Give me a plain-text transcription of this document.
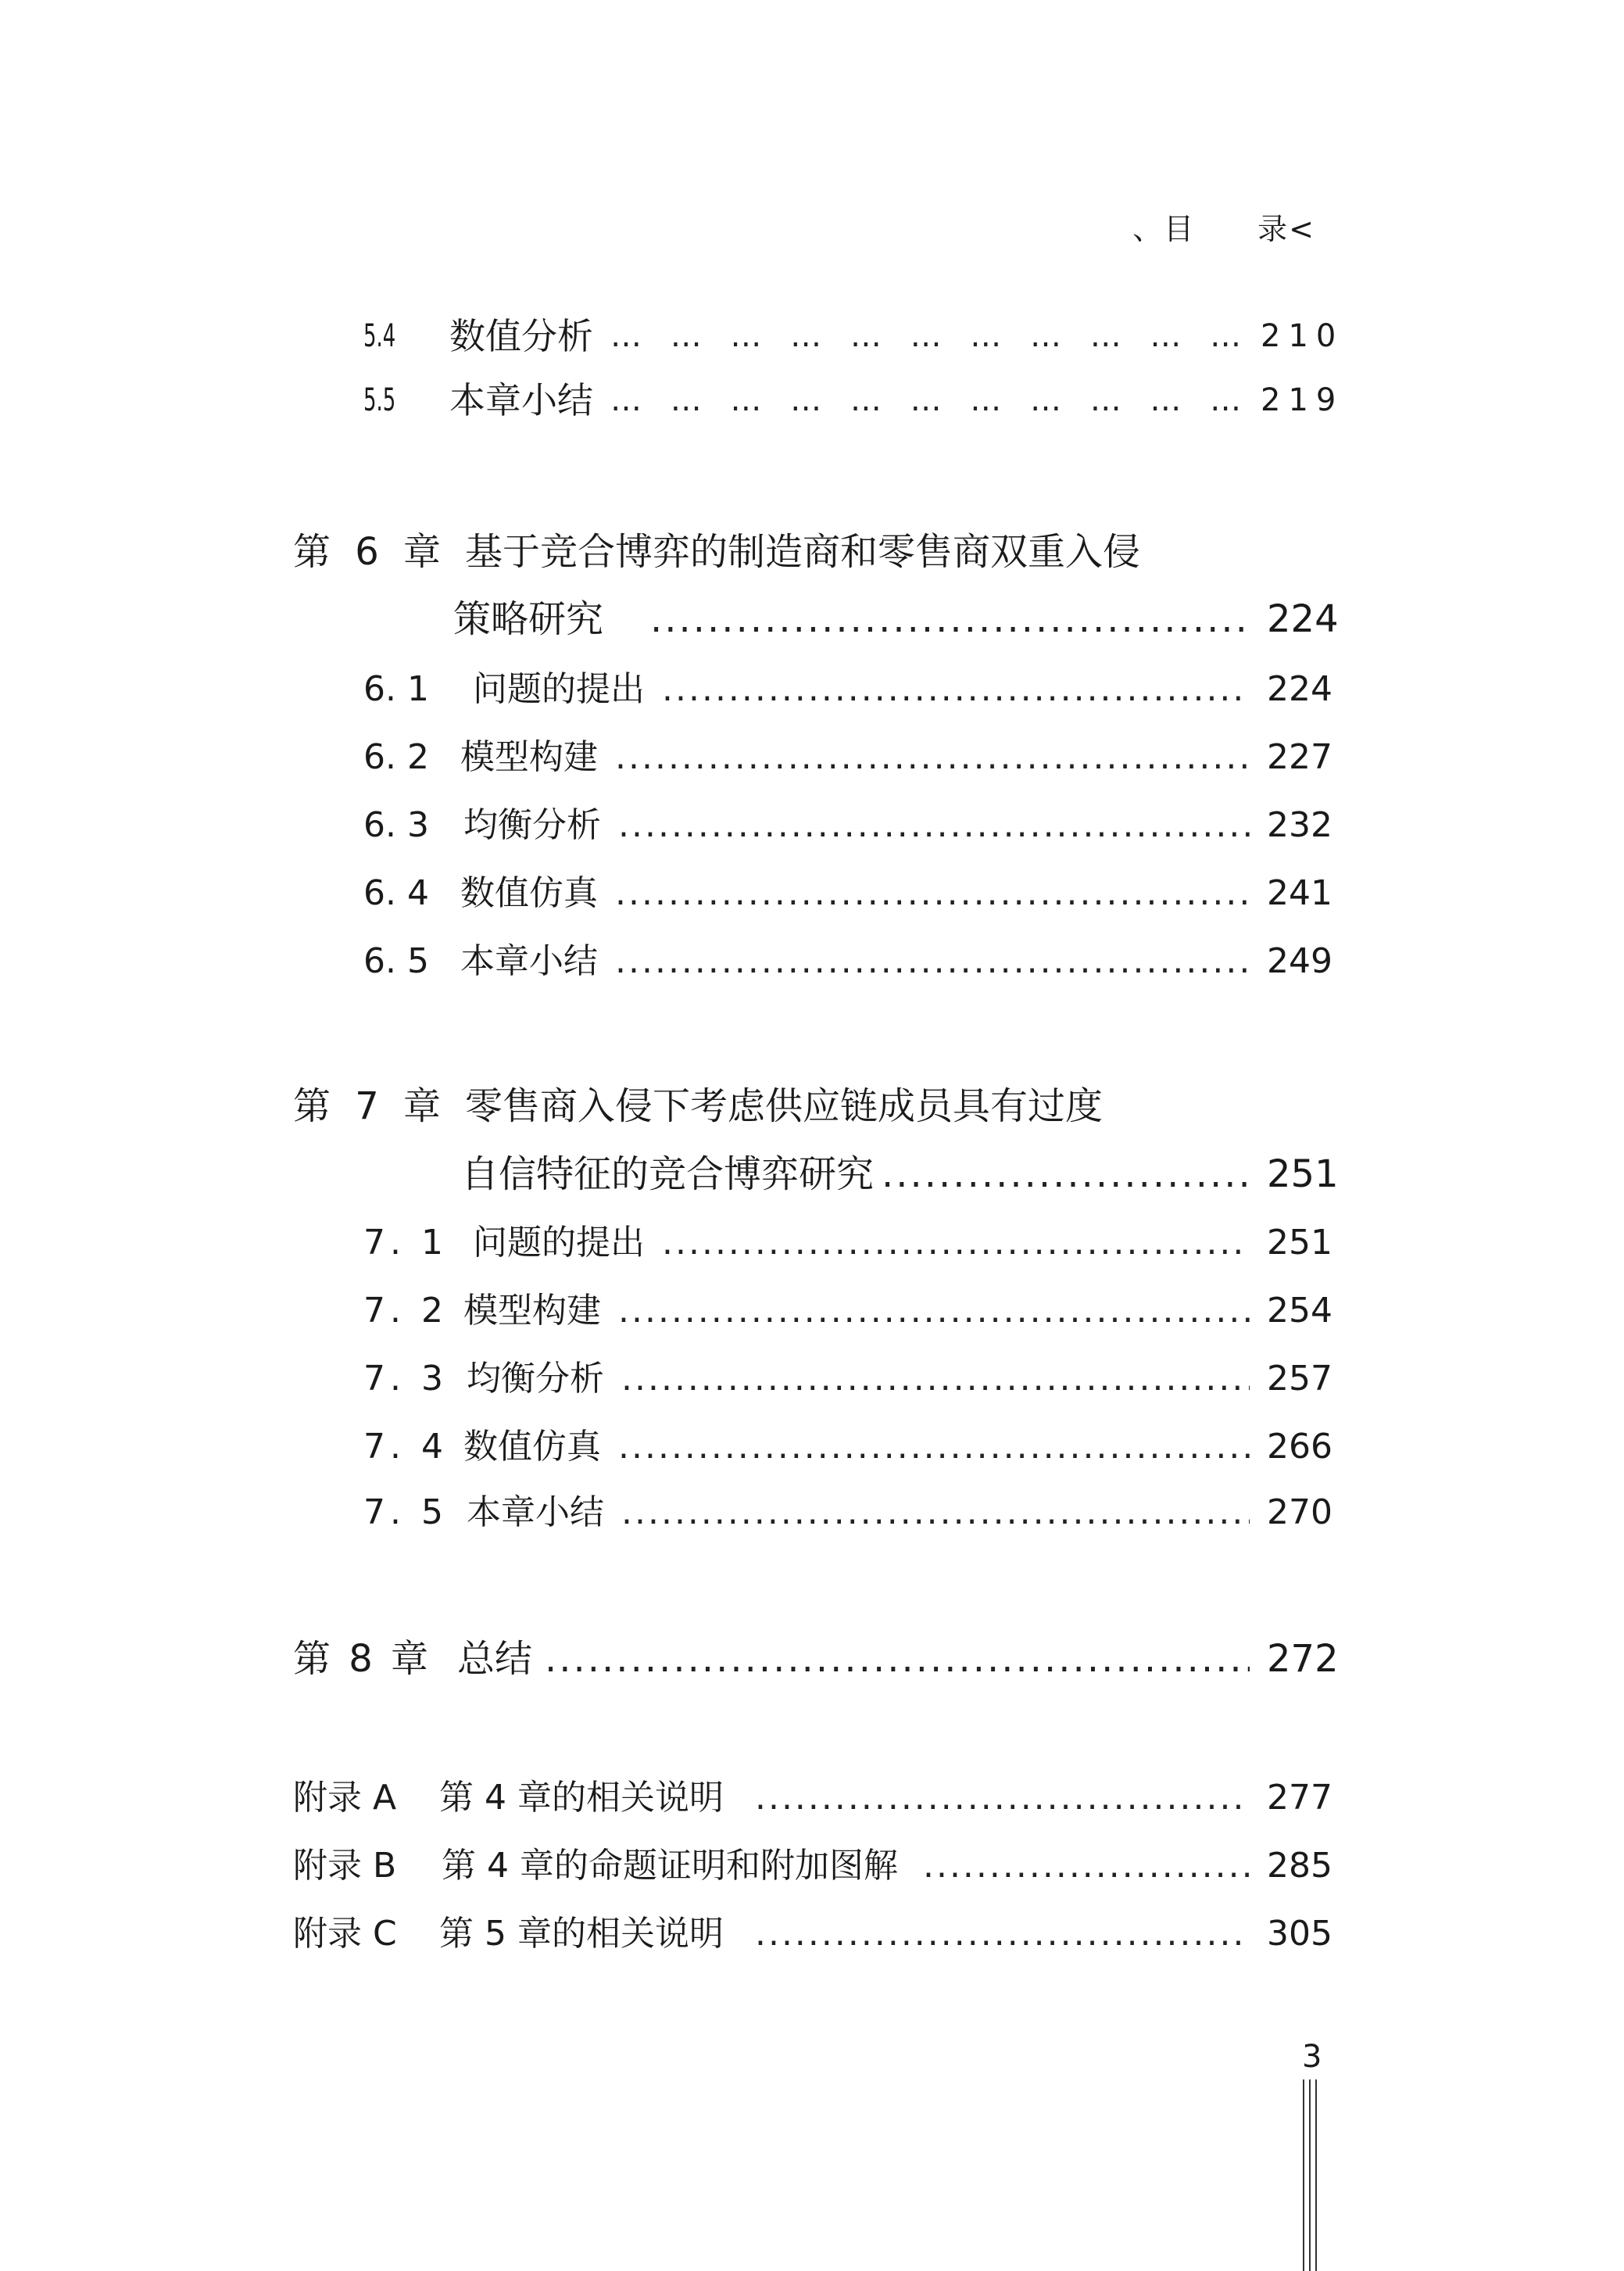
、目　　录<
5.4	数值分析 … … … … … … … … … … … … … … … … … … … … … … … … … … … … … … … … … … … … … … … … … … … … … … … … … … … … … … … … … … … … … … … …	210
5.5	本章小结 … … … … … … … … … … … … … … … … … … … … … … … … … … … … … … … … … … … … … … … … … … … … … … … … … … … … … … … … … … … … … … … …	219
第 6 章 基于竞合博弈的制造商和零售商双重入侵
策略研究 .....	224
6. 1	问题的提出 .....	224
6. 2 模型构建 .....	227
6. 3	均衡分析 .....	232
6. 4 数值仿真 .....	241
6. 5 本章小结 .....	249
第 7 章 零售商入侵下考虑供应链成员具有过度
自信特征的竞合博弈研究 .....	251
7. 1 问题的提出 .....	251
7. 2 模型构建 .....	254
7. 3 均衡分析 .....	257
7. 4 数值仿真 .....	266
7. 5 本章小结 .....	270
第 8 章 总结 .....	272
附录 A	第 4 章的相关说明 .....	277
附录 B	第 4 章的命题证明和附加图解 .....	285
附录 C	第 5 章的相关说明 .....	305
3
